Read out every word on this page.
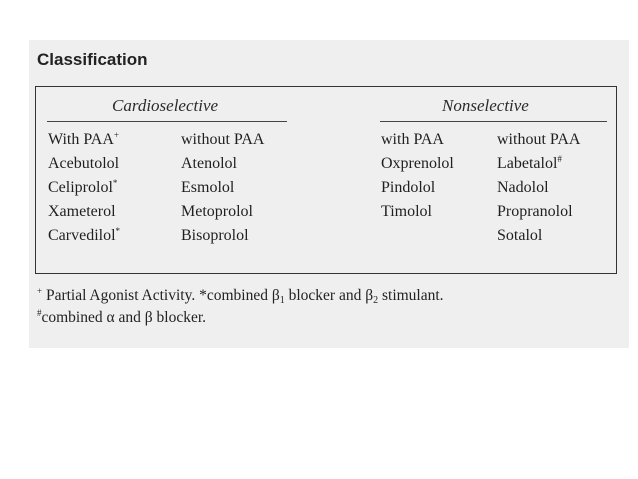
Classification
Cardioselective
With PAA+
Acebutolol
Celiprolol*
Xameterol
Carvedilol*
without PAA
Atenolol
Esmolol
Metoprolol
Bisoprolol
Nonselective
with PAA
Oxprenolol
Pindolol
Timolol
without PAA
Labetalol#
Nadolol
Propranolol
Sotalol
+ Partial Agonist Activity. *combined $\beta_1$ blocker and $\beta_2$ stimulant.
#combined α and β blocker.
